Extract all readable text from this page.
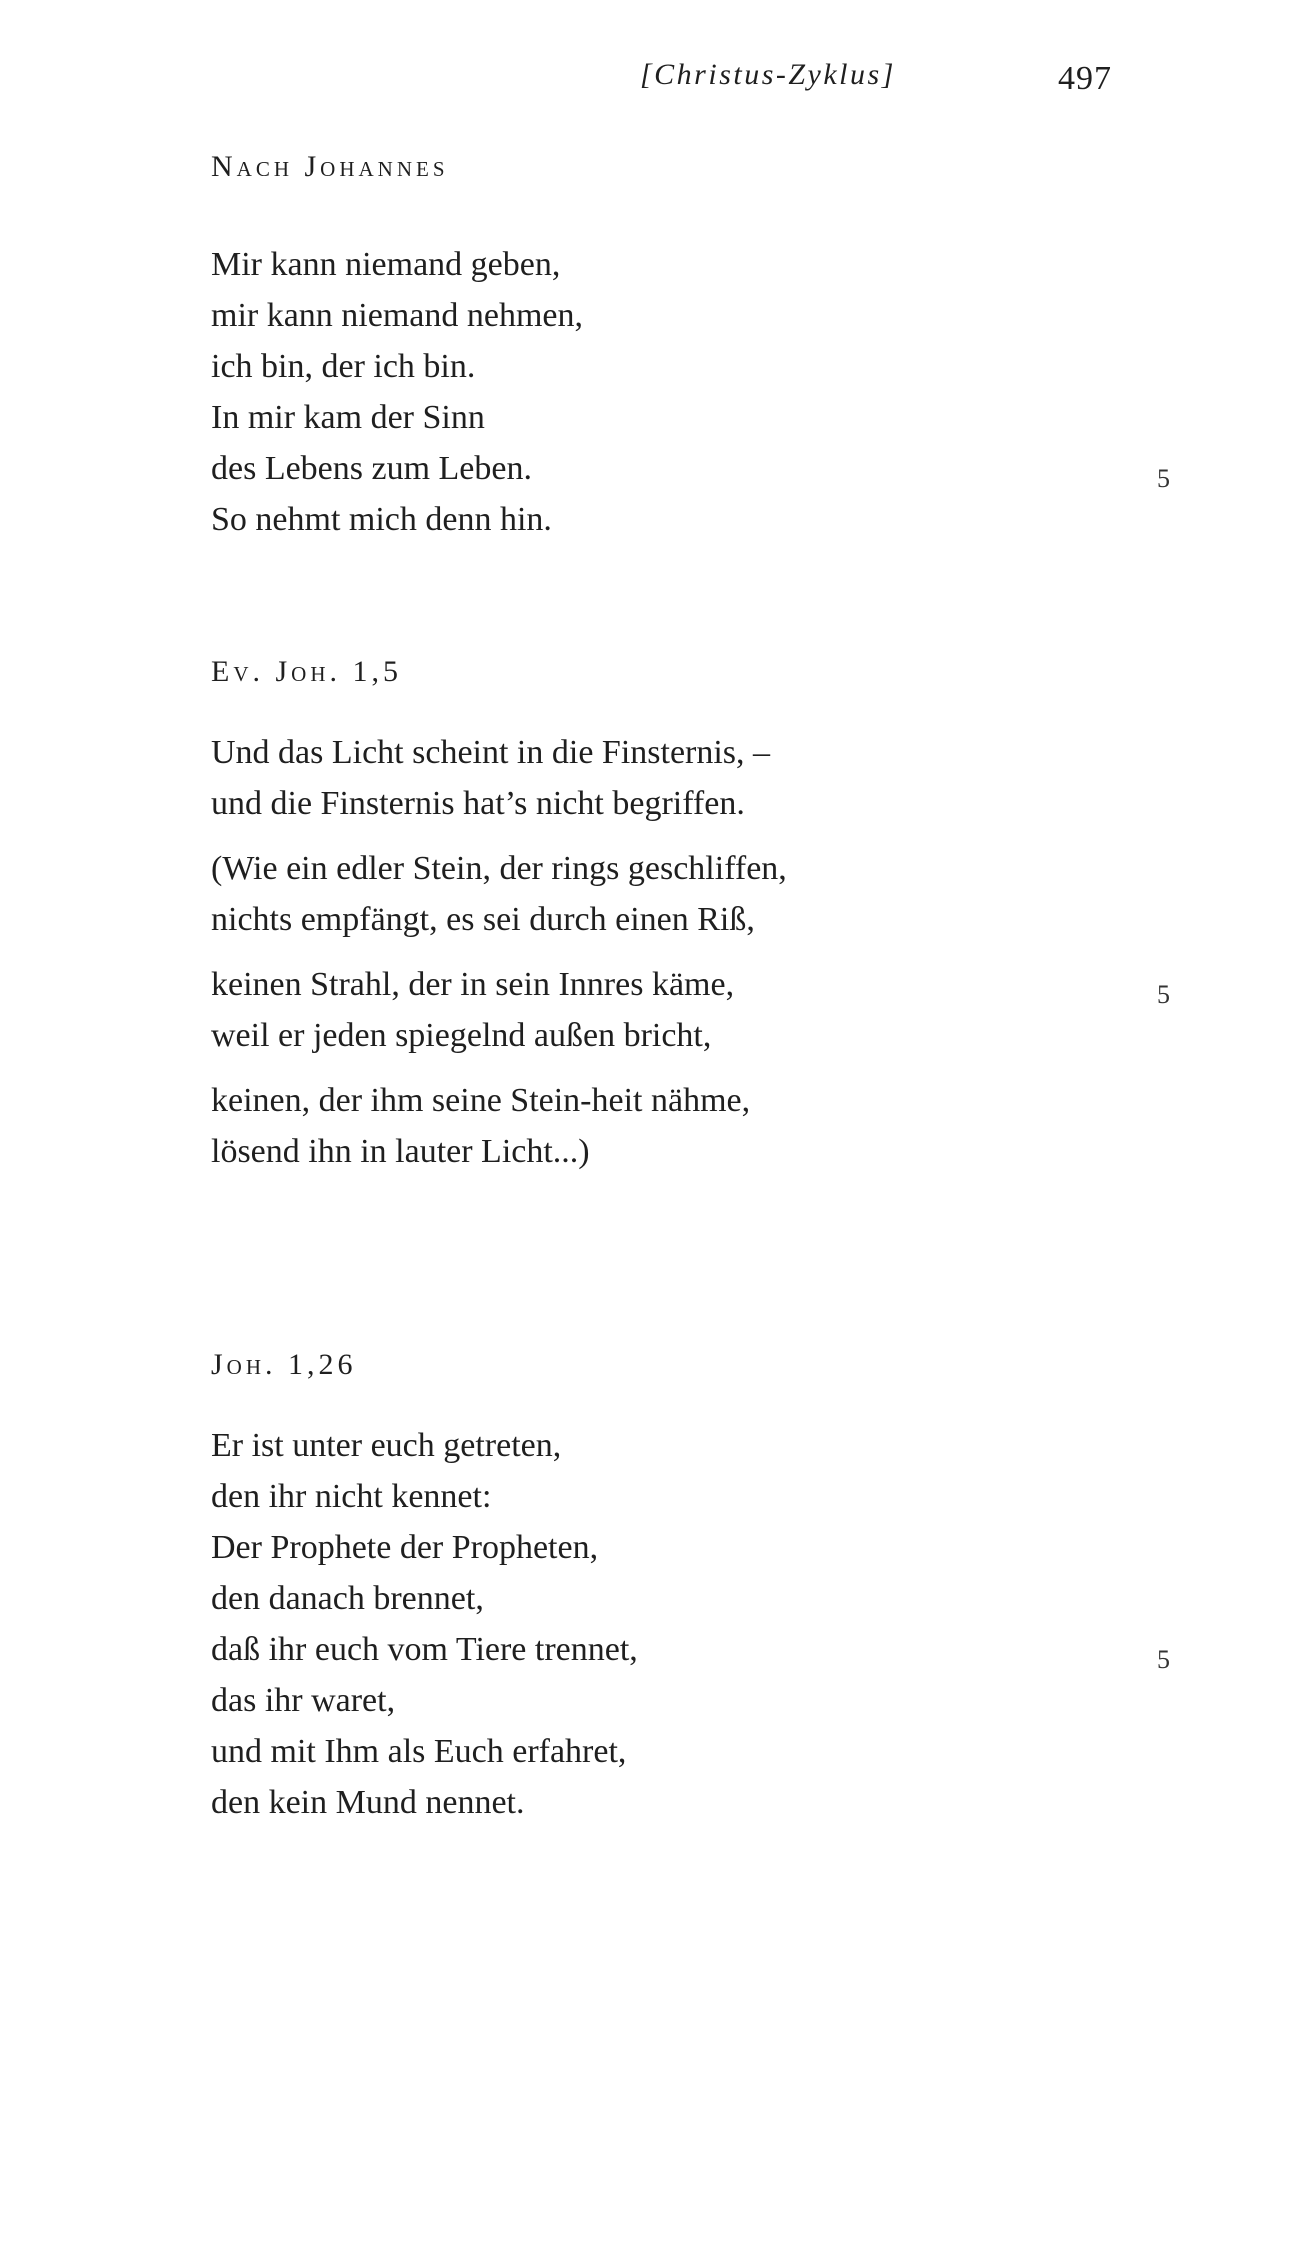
[Christus-Zyklus]	497
Nach Johannes
Mir kann niemand geben,
mir kann niemand nehmen,
ich bin, der ich bin.
In mir kam der Sinn
des Lebens zum Leben.	5
So nehmt mich denn hin.
Ev. Joh. 1,5
Und das Licht scheint in die Finsternis, –
und die Finsternis hat’s nicht begriffen.
(Wie ein edler Stein, der rings geschliffen,
nichts empfängt, es sei durch einen Riß,
keinen Strahl, der in sein Innres käme,	5
weil er jeden spiegelnd außen bricht,
keinen, der ihm seine Stein-heit nähme,
lösend ihn in lauter Licht...)
Joh. 1,26
Er ist unter euch getreten,
den ihr nicht kennet:
Der Prophete der Propheten,
den danach brennet,
daß ihr euch vom Tiere trennet,	5
das ihr waret,
und mit Ihm als Euch erfahret,
den kein Mund nennet.
